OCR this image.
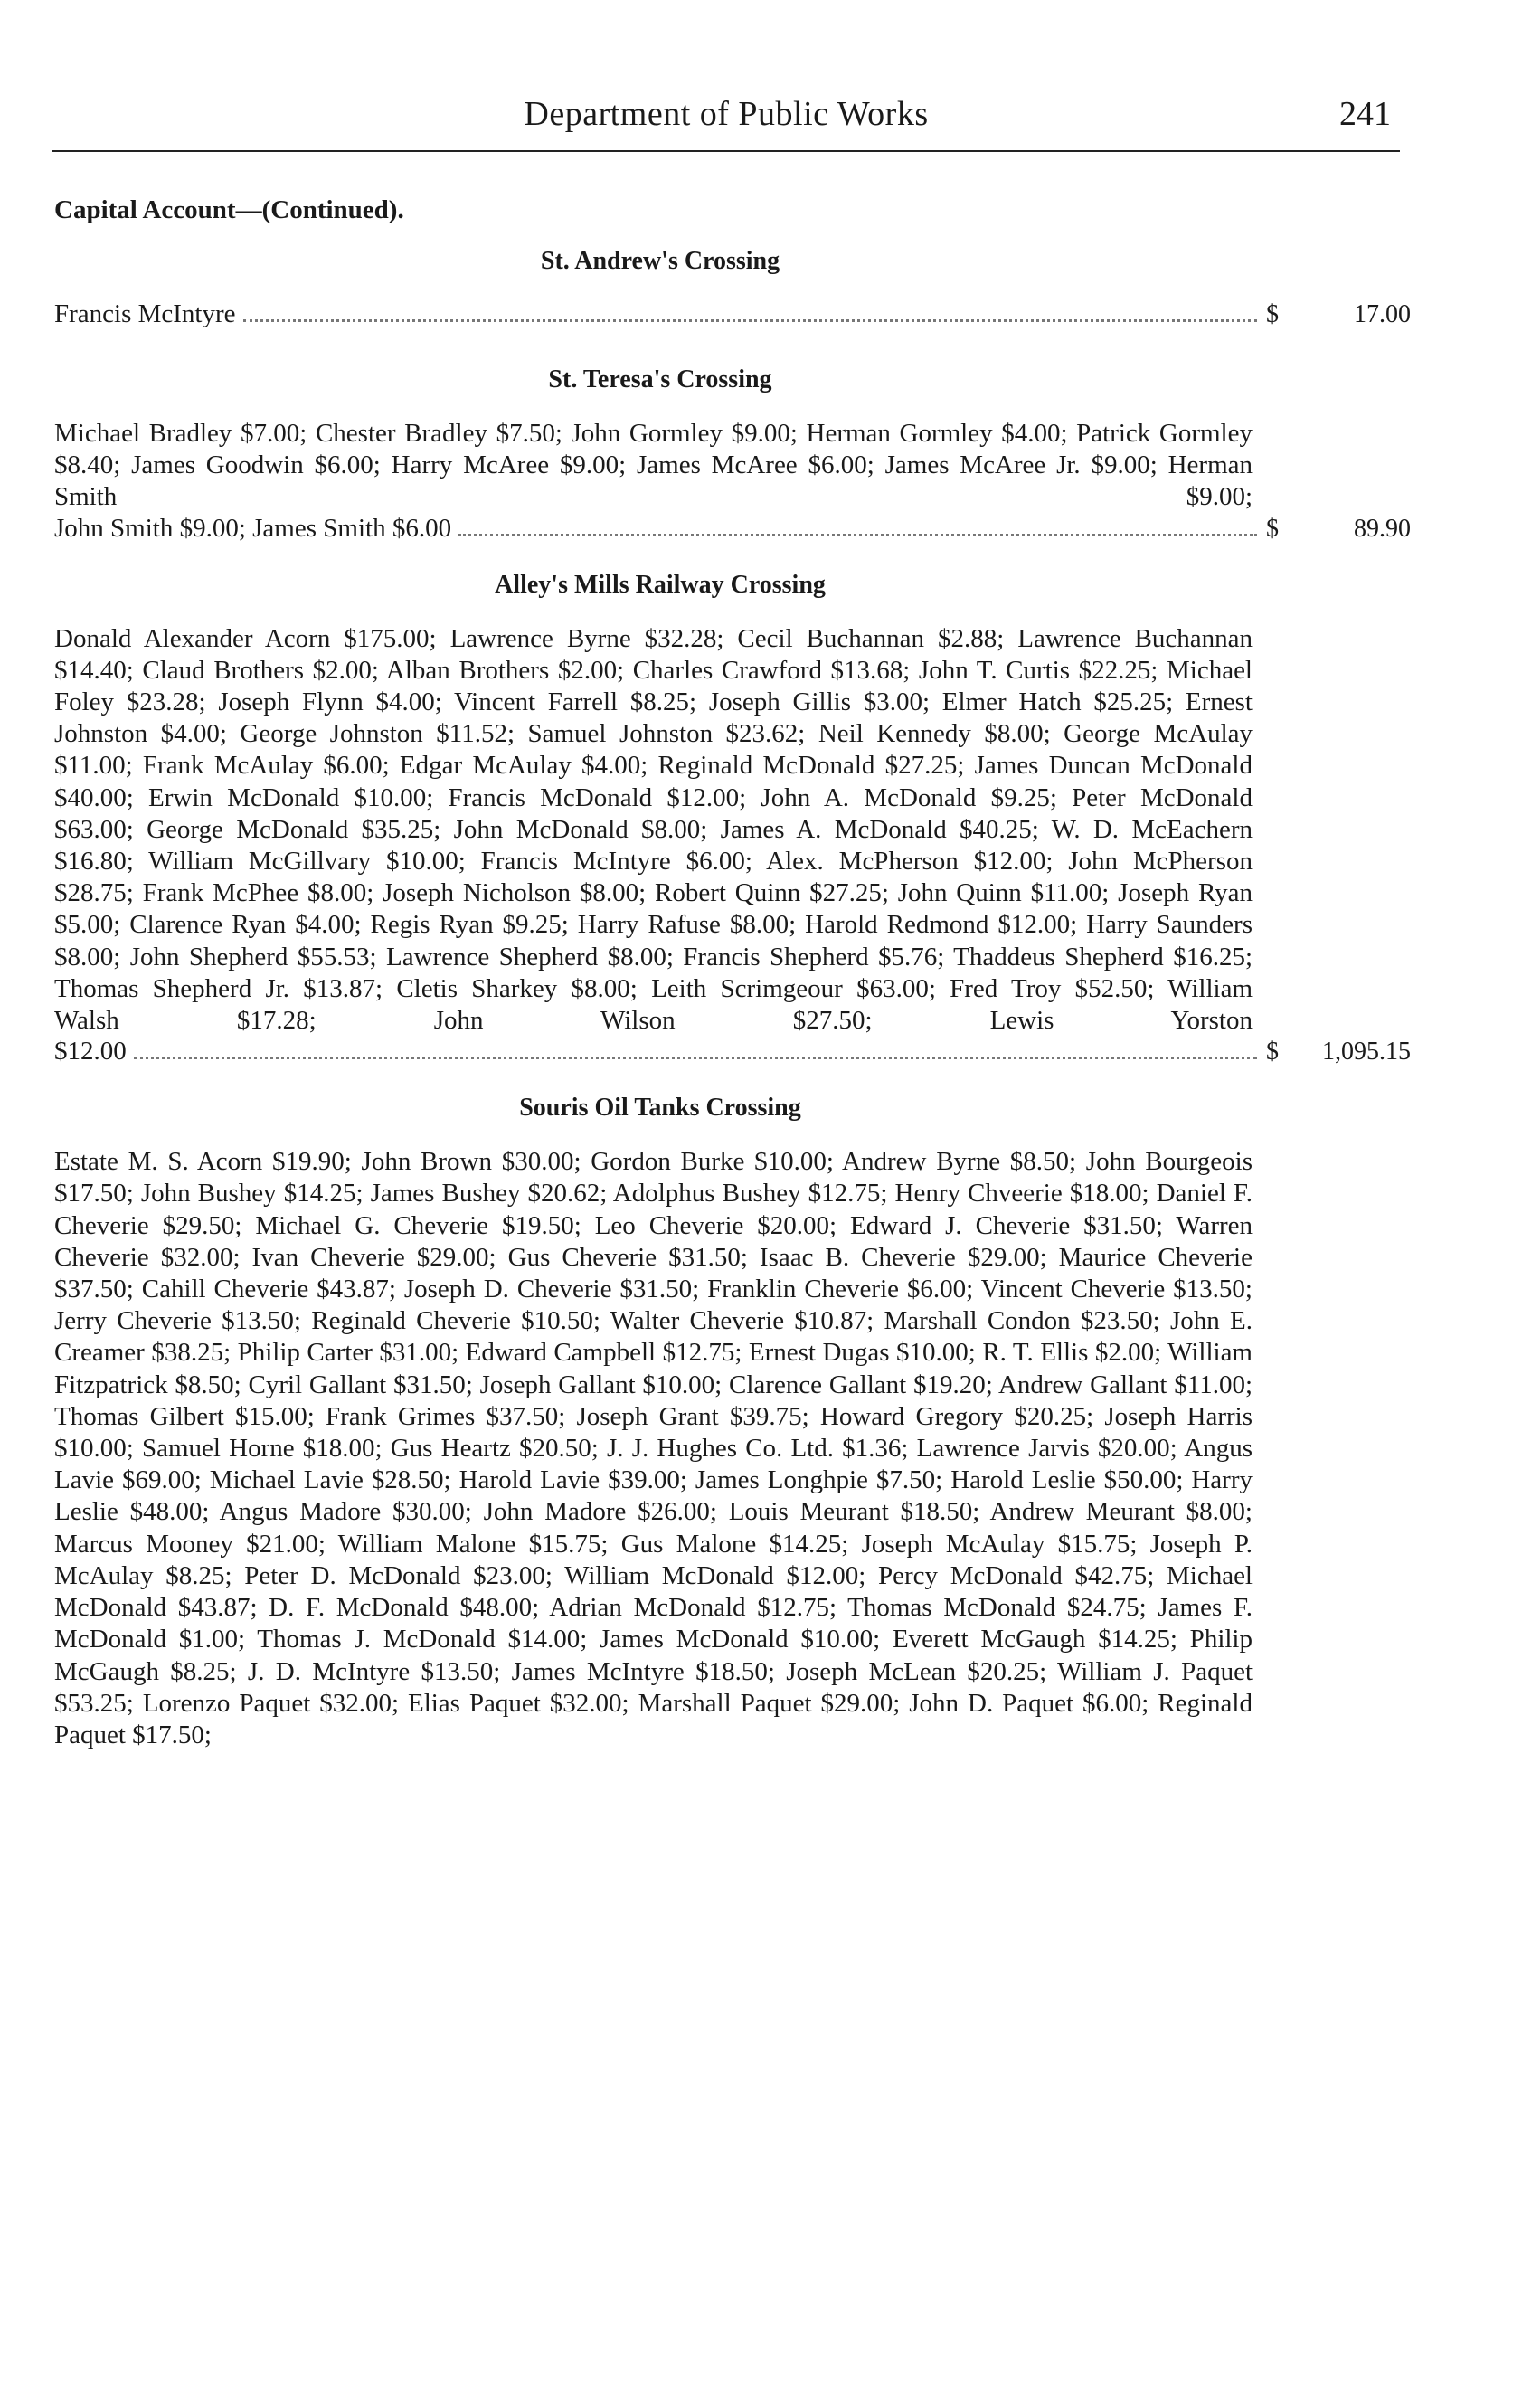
Department of Public Works	241
Capital Account—(Continued).
St. Andrew's Crossing
Francis McIntyre	$	17.00
St. Teresa's Crossing
Michael Bradley $7.00; Chester Bradley $7.50; John Gormley $9.00; Herman Gormley $4.00; Patrick Gormley $8.40; James Goodwin $6.00; Harry McAree $9.00; James McAree $6.00; James McAree Jr. $9.00; Herman Smith $9.00;
John Smith $9.00; James Smith $6.00	$	89.90
Alley's Mills Railway Crossing
Donald Alexander Acorn $175.00; Lawrence Byrne $32.28; Cecil Buchannan $2.88; Lawrence Buchannan $14.40; Claud Brothers $2.00; Alban Brothers $2.00; Charles Crawford $13.68; John T. Curtis $22.25; Michael Foley $23.28; Joseph Flynn $4.00; Vincent Farrell $8.25; Joseph Gillis $3.00; Elmer Hatch $25.25; Ernest Johnston $4.00; George Johnston $11.52; Samuel Johnston $23.62; Neil Kennedy $8.00; George McAulay $11.00; Frank McAulay $6.00; Edgar McAulay $4.00; Reginald McDonald $27.25; James Duncan McDonald $40.00; Erwin McDonald $10.00; Francis McDonald $12.00; John A. McDonald $9.25; Peter McDonald $63.00; George McDonald $35.25; John McDonald $8.00; James A. McDonald $40.25; W. D. McEachern $16.80; William McGillvary $10.00; Francis McIntyre $6.00; Alex. McPherson $12.00; John McPherson $28.75; Frank McPhee $8.00; Joseph Nicholson $8.00; Robert Quinn $27.25; John Quinn $11.00; Joseph Ryan $5.00; Clarence Ryan $4.00; Regis Ryan $9.25; Harry Rafuse $8.00; Harold Redmond $12.00; Harry Saunders $8.00; John Shepherd $55.53; Lawrence Shepherd $8.00; Francis Shepherd $5.76; Thaddeus Shepherd $16.25; Thomas Shepherd Jr. $13.87; Cletis Sharkey $8.00; Leith Scrimgeour $63.00; Fred Troy $52.50; William Walsh $17.28; John Wilson $27.50; Lewis Yorston
$12.00	$	1,095.15
Souris Oil Tanks Crossing
Estate M. S. Acorn $19.90; John Brown $30.00; Gordon Burke $10.00; Andrew Byrne $8.50; John Bourgeois $17.50; John Bushey $14.25; James Bushey $20.62; Adolphus Bushey $12.75; Henry Chveerie $18.00; Daniel F. Cheverie $29.50; Michael G. Cheverie $19.50; Leo Cheverie $20.00; Edward J. Cheverie $31.50; Warren Cheverie $32.00; Ivan Cheverie $29.00; Gus Cheverie $31.50; Isaac B. Cheverie $29.00; Maurice Cheverie $37.50; Cahill Cheverie $43.87; Joseph D. Cheverie $31.50; Franklin Cheverie $6.00; Vincent Cheverie $13.50; Jerry Cheverie $13.50; Reginald Cheverie $10.50; Walter Cheverie $10.87; Marshall Condon $23.50; John E. Creamer $38.25; Philip Carter $31.00; Edward Campbell $12.75; Ernest Dugas $10.00; R. T. Ellis $2.00; William Fitzpatrick $8.50; Cyril Gallant $31.50; Joseph Gallant $10.00; Clarence Gallant $19.20; Andrew Gallant $11.00; Thomas Gilbert $15.00; Frank Grimes $37.50; Joseph Grant $39.75; Howard Gregory $20.25; Joseph Harris $10.00; Samuel Horne $18.00; Gus Heartz $20.50; J. J. Hughes Co. Ltd. $1.36; Lawrence Jarvis $20.00; Angus Lavie $69.00; Michael Lavie $28.50; Harold Lavie $39.00; James Longhpie $7.50; Harold Leslie $50.00; Harry Leslie $48.00; Angus Madore $30.00; John Madore $26.00; Louis Meurant $18.50; Andrew Meurant $8.00; Marcus Mooney $21.00; William Malone $15.75; Gus Malone $14.25; Joseph McAulay $15.75; Joseph P. McAulay $8.25; Peter D. McDonald $23.00; William McDonald $12.00; Percy McDonald $42.75; Michael McDonald $43.87; D. F. McDonald $48.00; Adrian McDonald $12.75; Thomas McDonald $24.75; James F. McDonald $1.00; Thomas J. McDonald $14.00; James McDonald $10.00; Everett McGaugh $14.25; Philip McGaugh $8.25; J. D. McIntyre $13.50; James McIntyre $18.50; Joseph McLean $20.25; William J. Paquet $53.25; Lorenzo Paquet $32.00; Elias Paquet $32.00; Marshall Paquet $29.00; John D. Paquet $6.00; Reginald Paquet $17.50;
